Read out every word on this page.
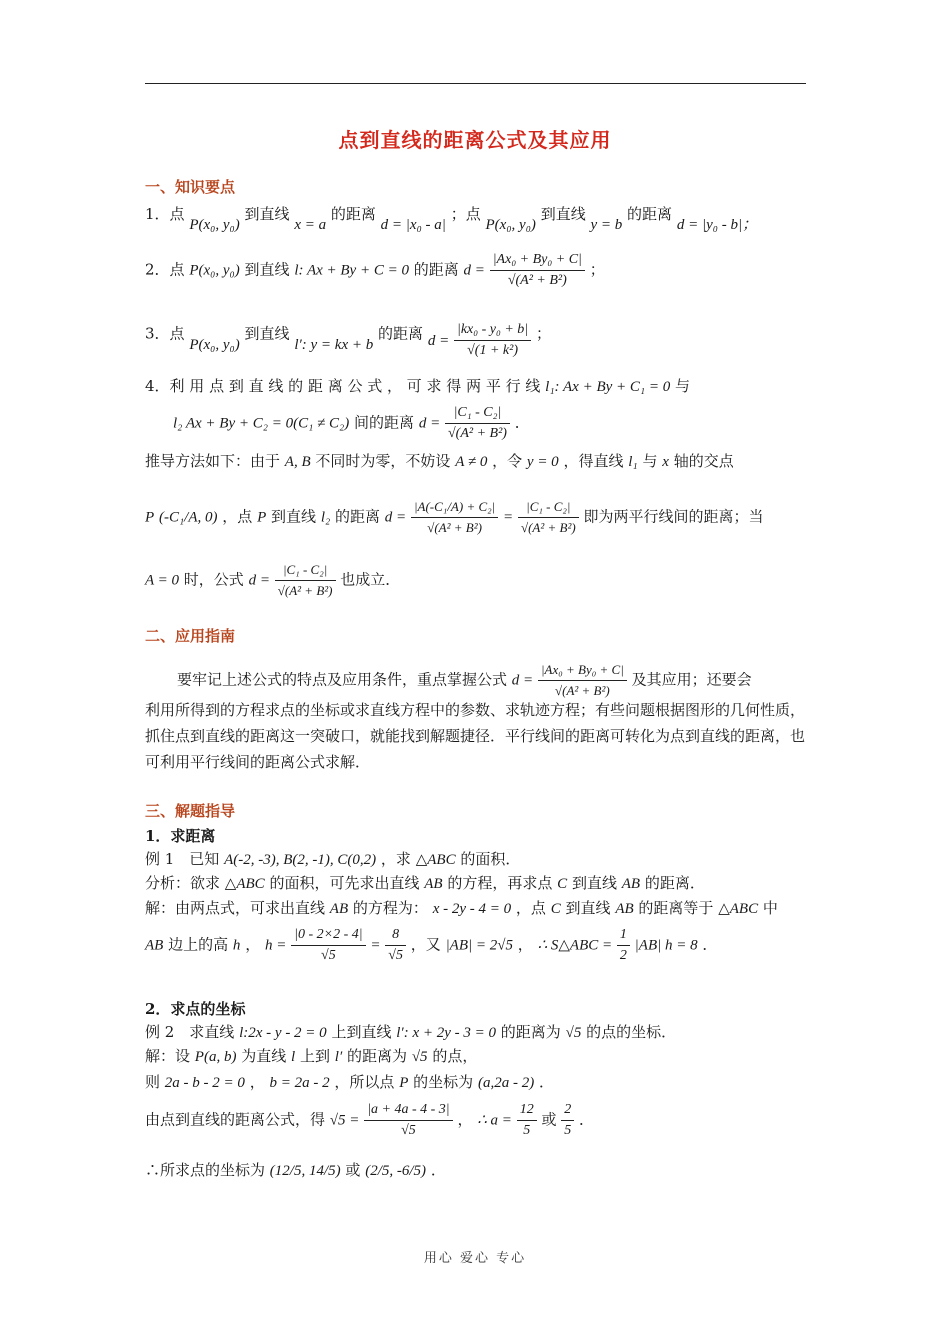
点到直线的距离公式及其应用
一、知识要点
1．点 P(x₀, y₀) 到直线 x = a 的距离 d = |x₀ - a| ；点 P(x₀, y₀) 到直线 y = b 的距离 d = |y₀ - b|；
2．点 P(x₀, y₀) 到直线 l: Ax + By + C = 0 的距离 $d = \frac{\text{|Ax₀ + By₀ + C|}}{\text{√(A² + B²)}}$ ；
3．点 P(x₀, y₀) 到直线 l′: y = kx + b 的距离 $d = \frac{\text{|kx₀ - y₀ + b|}}{\text{√(1 + k²)}}$ ；
4．利 用 点 到 直 线 的 距 离 公 式 ， 可 求 得 两 平 行 线 l₁: Ax + By + C₁ = 0 与
l₂ Ax + By + C₂ = 0(C₁ ≠ C₂) 间的距离 $d = \frac{\text{|C₁ - C₂|}}{\text{√(A² + B²)}}$ ．
推导方法如下：由于 A, B 不同时为零，不妨设 A ≠ 0 ，令 y = 0 ，得直线 l₁ 与 x 轴的交点
P (-C₁/A, 0) ，点 P 到直线 l₂ 的距离 $d = \frac{\text{|A(-C₁/A) + C₂|}}{\text{√(A² + B²)}} = \frac{\text{|C₁ - C₂|}}{\text{√(A² + B²)}}$ 即为两平行线间的距离；当
A = 0 时，公式 $d = \frac{\text{|C₁ - C₂|}}{\text{√(A² + B²)}}$ 也成立．
二、应用指南
要牢记上述公式的特点及应用条件，重点掌握公式 $d = \frac{\text{|Ax₀ + By₀ + C|}}{\text{√(A² + B²)}}$ 及其应用；还要会
利用所得到的方程求点的坐标或求直线方程中的参数、求轨迹方程；有些问题根据图形的几何性质，抓住点到直线的距离这一突破口，就能找到解题捷径．平行线间的距离可转化为点到直线的距离，也可利用平行线间的距离公式求解．
三、解题指导
1．求距离
例 1　已知 A(-2, -3), B(2, -1), C(0,2) ，求 △ABC 的面积．
分析：欲求 △ABC 的面积，可先求出直线 AB 的方程，再求点 C 到直线 AB 的距离．
解：由两点式，可求出直线 AB 的方程为： x - 2y - 4 = 0 ，点 C 到直线 AB 的距离等于 △ABC 中
AB 边上的高 h ， $h = \frac{|0 - 2\times 2 - 4|}{√5} = \frac{8}{√5}$ ，又 |AB| = 2√5 ， ∴ S△ABC = $\frac{1}{2} |AB|$ h = 8 ．
2．求点的坐标
例 2　求直线 l:2x - y - 2 = 0 上到直线 l′: x + 2y - 3 = 0 的距离为 √5 的点的坐标．
解：设 P(a, b) 为直线 l 上到 l′ 的距离为 √5 的点，
则 2a - b - 2 = 0 ， b = 2a - 2 ，所以点 P 的坐标为 (a,2a - 2) ．
由点到直线的距离公式，得 $√5 = \frac{|a + 4a - 4 - 3|}{√5}$ ， ∴ $a = \frac{12}{5}$ 或 $\frac{2}{5}$ ．
∴所求点的坐标为 (12/5, 14/5) 或 (2/5, -6/5) ．
用心 爱心 专心
